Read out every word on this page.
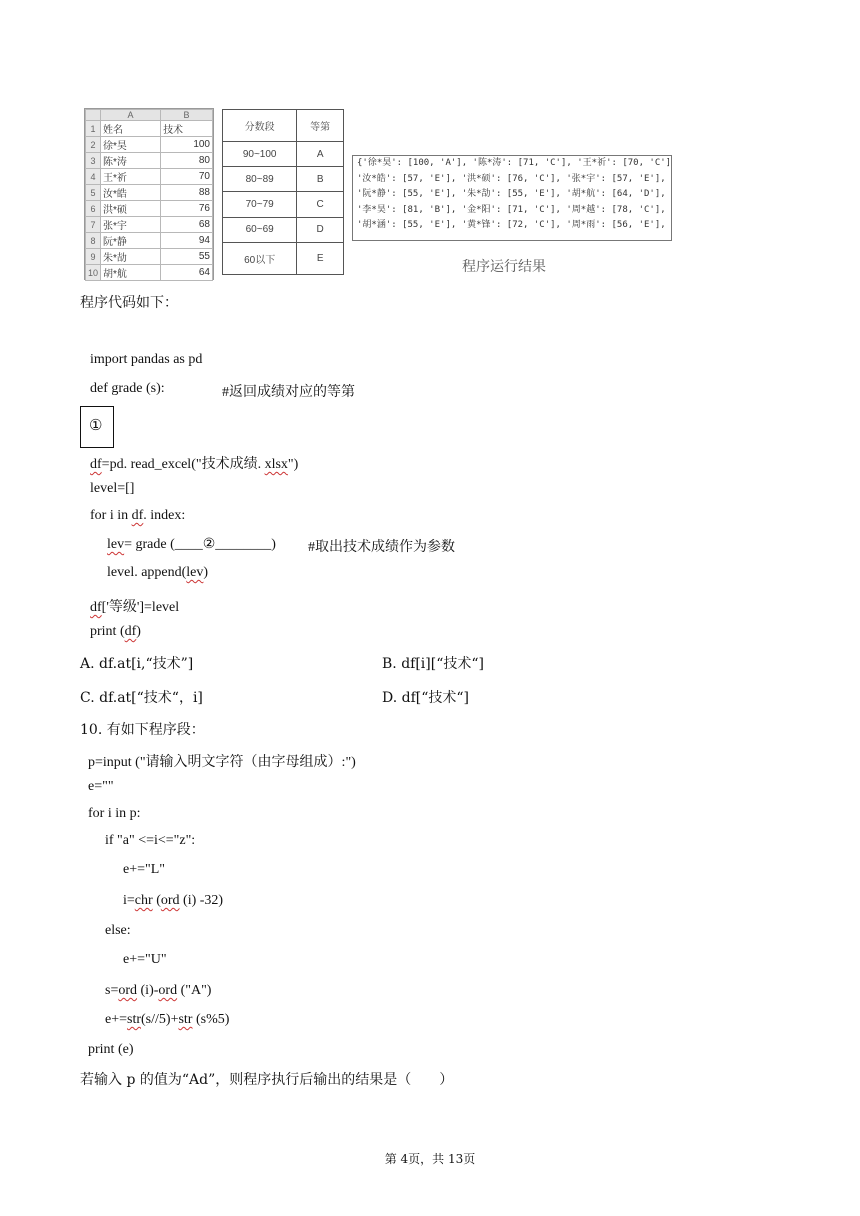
	A	B
1	姓名	技术
2	徐*昊	100
3	陈*涛	80
4	王*祈	70
5	汝*皓	88
6	洪*硕	76
7	张*宇	68
8	阮*静	94
9	朱*劼	55
10	胡*航	64
分数段	等第
90~100	A
80~89	B
70~79	C
60~69	D
60以下	E
{'徐*昊': [100, 'A'], '陈*涛': [71, 'C'], '王*祈': [70, 'C']
'汝*皓': [57, 'E'], '洪*硕': [76, 'C'], '张*宇': [57, 'E'],
'阮*静': [55, 'E'], '朱*劼': [55, 'E'], '胡*航': [64, 'D'],
'李*昊': [81, 'B'], '金*阳': [71, 'C'], '周*越': [78, 'C'],
'胡*涵': [55, 'E'], '黄*锋': [72, 'C'], '周*雨': [56, 'E'],
程序运行结果
程序代码如下：
import pandas as pd
def grade (s):	#返回成绩对应的等第
①
df=pd. read_excel("技术成绩. xlsx")
level=[]
for i in df. index:
lev= grade (____②________) #取出技术成绩作为参数
level. append(lev)
df['等级']=level
print (df)
A. df.at[i,“技术”]	B. df[i][“技术“]
C. df.at[“技术“，i]	D. df[“技术“]
10. 有如下程序段：
p=input ("请输入明文字符（由字母组成）:")
e=""
for i in p:
if "a" <=i<="z":
e+="L"
i=chr (ord (i) -32)
else:
e+="U"
s=ord (i)-ord ("A")
e+=str(s//5)+str (s%5)
print (e)
若输入 p 的值为“Ad”，则程序执行后输出的结果是（　　）
第 4页，共 13页
